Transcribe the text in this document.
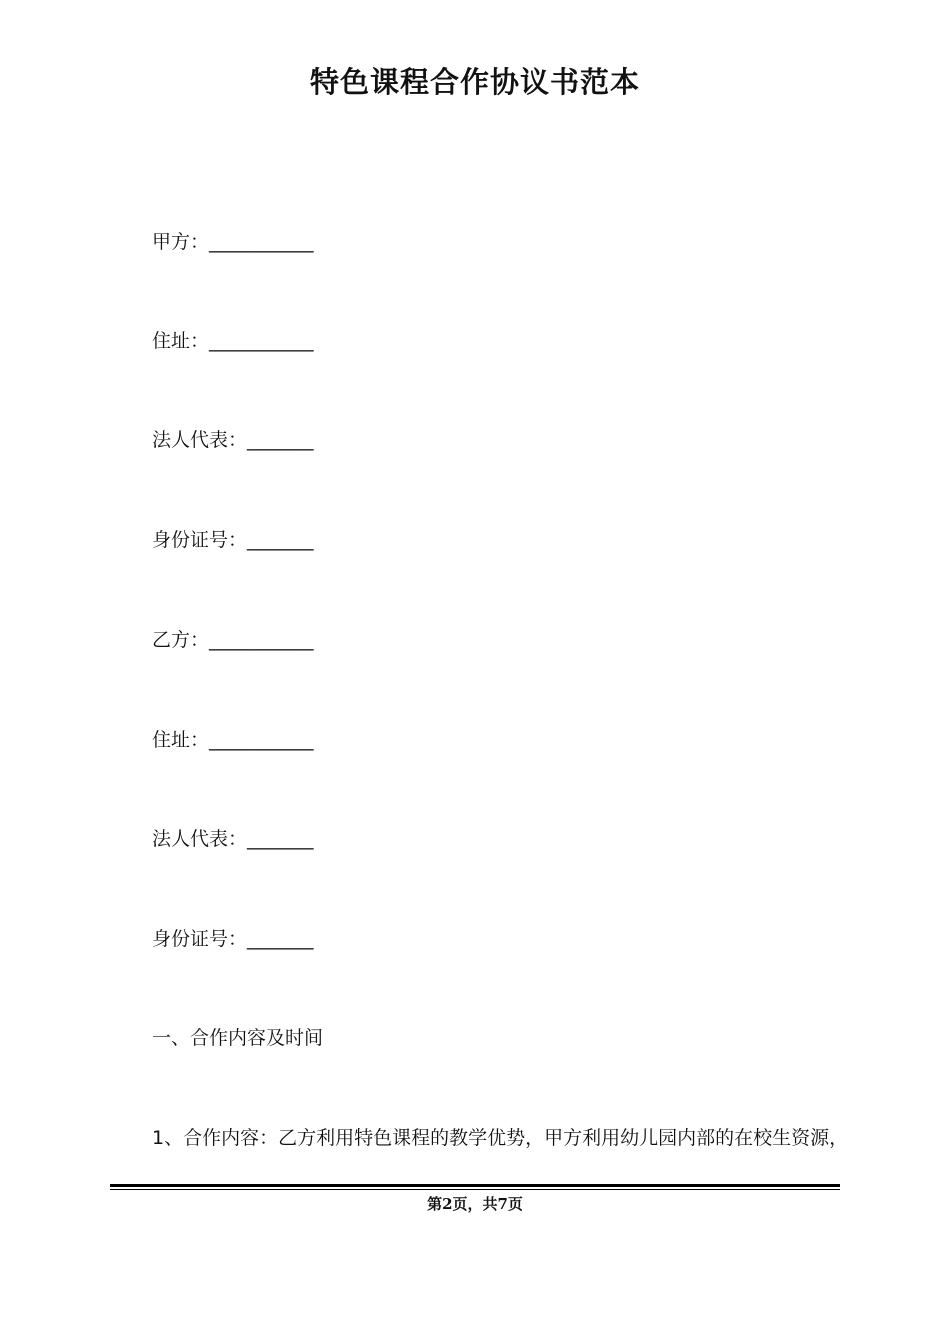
特色课程合作协议书范本
甲方：___________
住址：___________
法人代表：_______
身份证号：_______
乙方：___________
住址：___________
法人代表：_______
身份证号：_______
一、合作内容及时间
1、合作内容：乙方利用特色课程的教学优势，甲方利用幼儿园内部的在校生资源，
第2页，共7页
